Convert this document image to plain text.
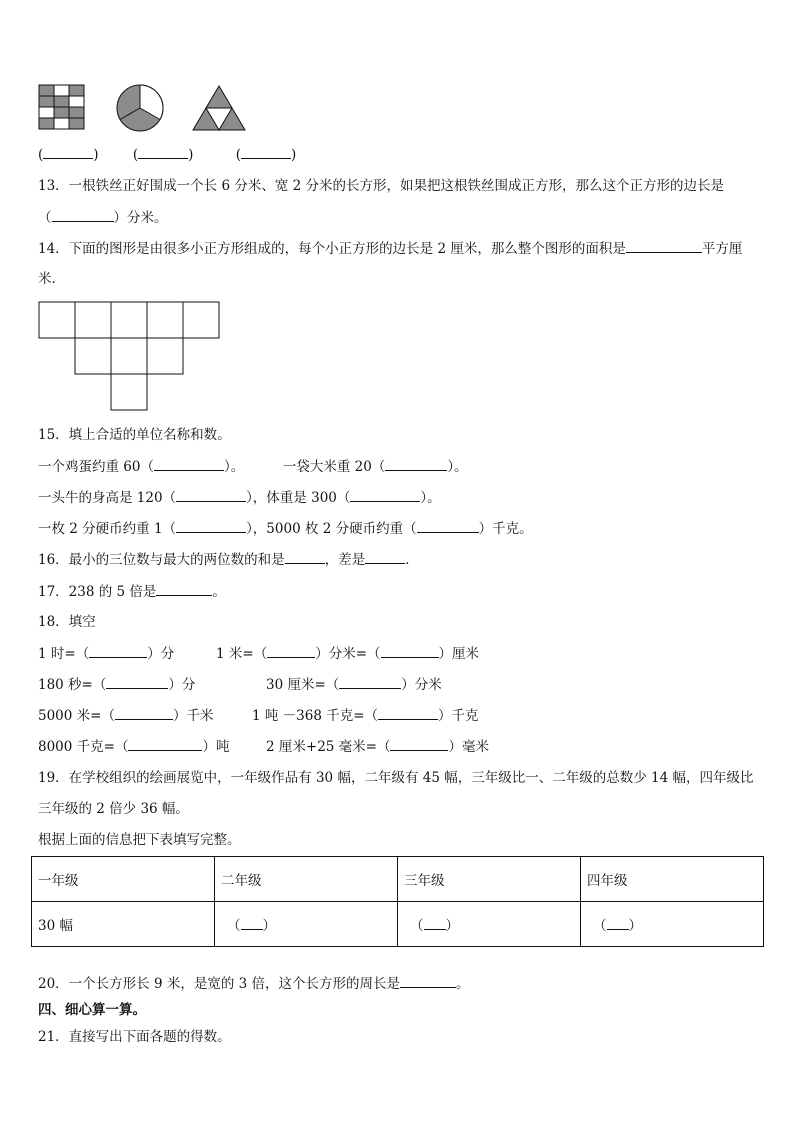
(	)	(	)	(	)
13．一根铁丝正好围成一个长 6 分米、宽 2 分米的长方形，如果把这根铁丝围成正方形，那么这个正方形的边长是
（	）分米。
14．下面的图形是由很多小正方形组成的，每个小正方形的边长是 2 厘米，那么整个图形的面积是	平方厘
米．
15．填上合适的单位名称和数。
一个鸡蛋约重 60（	）。	一袋大米重 20（	）。
一头牛的身高是 120（	），体重是 300（	）。
一枚 2 分硬币约重 1（	），5000 枚 2 分硬币约重（	）千克。
16．最小的三位数与最大的两位数的和是	，差是	．
17．238 的 5 倍是	。
18．填空
1 时=（	）分	1 米=（	）分米=（	）厘米
180 秒=（	）分	30 厘米=（	）分米
5000 米=（	）千米	1 吨 －368 千克=（	）千克
8000 千克=（	）吨	2 厘米+25 毫米=（	）毫米
19．在学校组织的绘画展览中，一年级作品有 30 幅，二年级有 45 幅，三年级比一、二年级的总数少 14 幅，四年级比
三年级的 2 倍少 36 幅。
根据上面的信息把下表填写完整。
一年级	二年级	三年级	四年级
30 幅	（ ）	（ ）	（ ）
20．一个长方形长 9 米，是宽的 3 倍，这个长方形的周长是	。
四、细心算一算。
21．直接写出下面各题的得数。
